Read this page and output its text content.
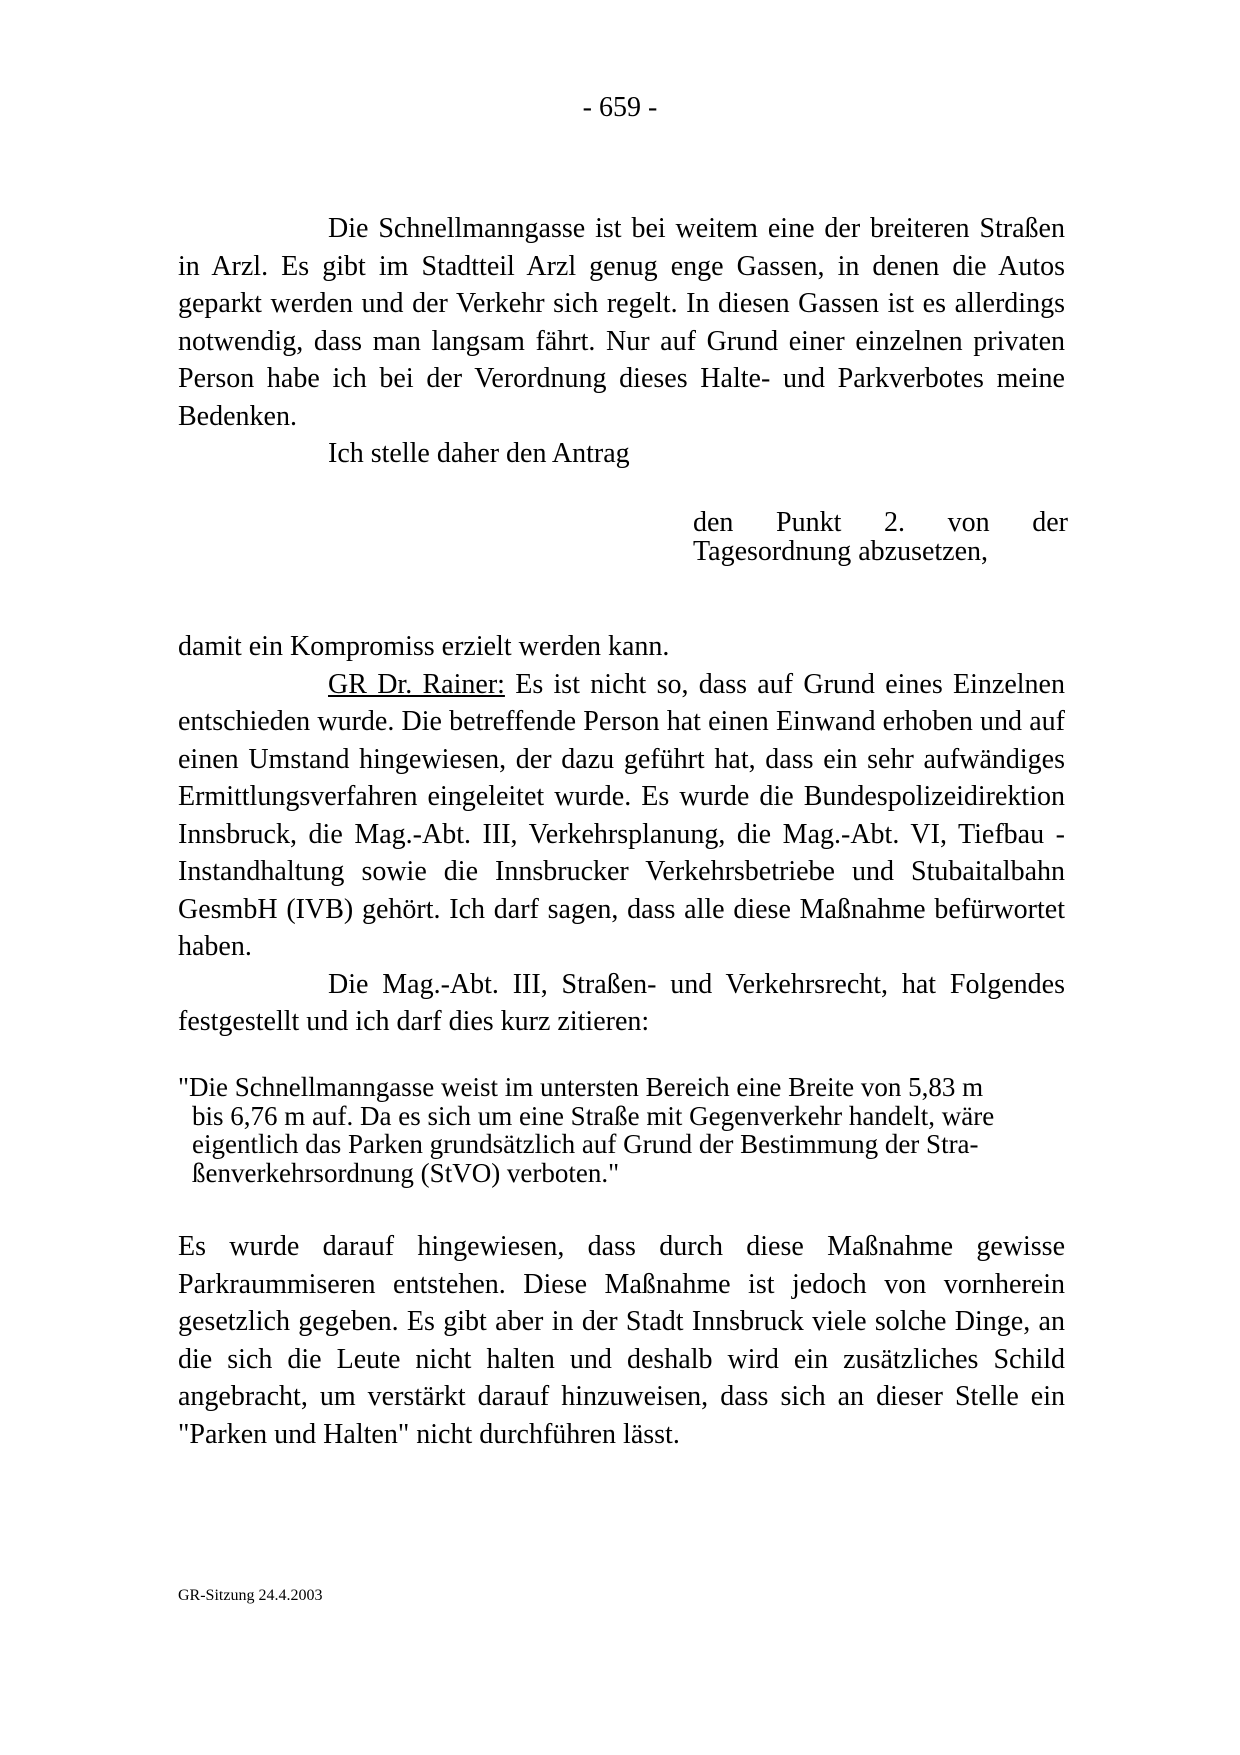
- 659 -

Die Schnellmanngasse ist bei weitem eine der breiteren Straßen in Arzl. Es gibt im Stadtteil Arzl genug enge Gassen, in denen die Autos geparkt werden und der Verkehr sich regelt. In diesen Gassen ist es allerdings notwendig, dass man langsam fährt. Nur auf Grund einer einzelnen privaten Person habe ich bei der Verordnung dieses Halte- und Parkverbotes meine Bedenken.

Ich stelle daher den Antrag

den Punkt 2. von der Tagesordnung abzusetzen,

damit ein Kompromiss erzielt werden kann.

GR Dr. Rainer: Es ist nicht so, dass auf Grund eines Einzelnen entschieden wurde. Die betreffende Person hat einen Einwand erhoben und auf einen Umstand hingewiesen, der dazu geführt hat, dass ein sehr aufwändiges Ermittlungsverfahren eingeleitet wurde. Es wurde die Bundespolizeidirektion Innsbruck, die Mag.-Abt. III, Verkehrsplanung, die Mag.-Abt. VI, Tiefbau - Instandhaltung sowie die Innsbrucker Verkehrsbetriebe und Stubaitalbahn GesmbH (IVB) gehört. Ich darf sagen, dass alle diese Maßnahme befürwortet haben.

Die Mag.-Abt. III, Straßen- und Verkehrsrecht, hat Folgendes festgestellt und ich darf dies kurz zitieren:

"Die Schnellmanngasse weist im untersten Bereich eine Breite von 5,83 m
bis 6,76 m auf. Da es sich um eine Straße mit Gegenverkehr handelt, wäre
eigentlich das Parken grundsätzlich auf Grund der Bestimmung der Stra-
ßenverkehrsordnung (StVO) verboten."

Es wurde darauf hingewiesen, dass durch diese Maßnahme gewisse Parkraummiseren entstehen. Diese Maßnahme ist jedoch von vornherein gesetzlich gegeben. Es gibt aber in der Stadt Innsbruck viele solche Dinge, an die sich die Leute nicht halten und deshalb wird ein zusätzliches Schild angebracht, um verstärkt darauf hinzuweisen, dass sich an dieser Stelle ein "Parken und Halten" nicht durchführen lässt.

GR-Sitzung 24.4.2003
